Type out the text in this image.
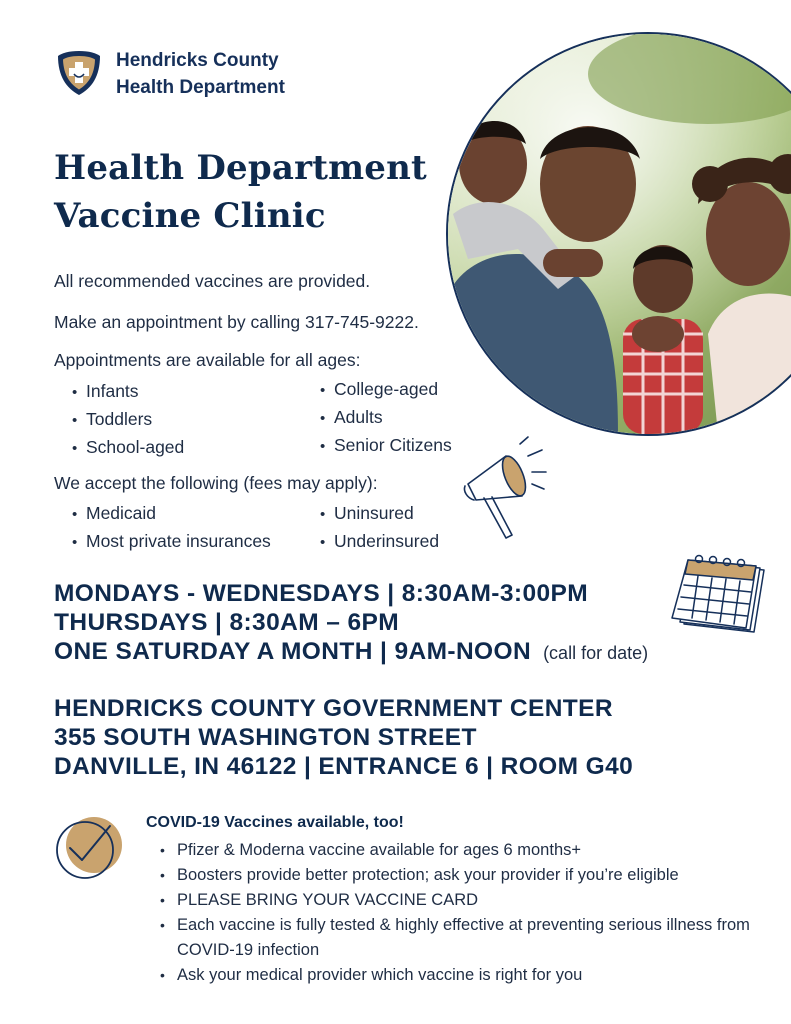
Hendricks County
Health Department
Health Department
Vaccine Clinic
All recommended vaccines are provided.
Make an appointment by calling 317-745-9222.
Appointments are available for all ages:
• Infants
• Toddlers
• School-aged
• College-aged
• Adults
• Senior Citizens
We accept the following (fees may apply):
• Medicaid
• Most private insurances
• Uninsured
• Underinsured
MONDAYS - WEDNESDAYS | 8:30AM-3:00PM
THURSDAYS | 8:30AM – 6PM
ONE SATURDAY A MONTH | 9AM-NOON (call for date)
HENDRICKS COUNTY GOVERNMENT CENTER
355 SOUTH WASHINGTON STREET
DANVILLE, IN 46122 | ENTRANCE 6 | ROOM G40
COVID-19 Vaccines available, too!
• Pfizer & Moderna vaccine available for ages 6 months+
• Boosters provide better protection; ask your provider if you’re eligible
• PLEASE BRING YOUR VACCINE CARD
• Each vaccine is fully tested & highly effective at preventing serious illness from COVID-19 infection
• Ask your medical provider which vaccine is right for you
